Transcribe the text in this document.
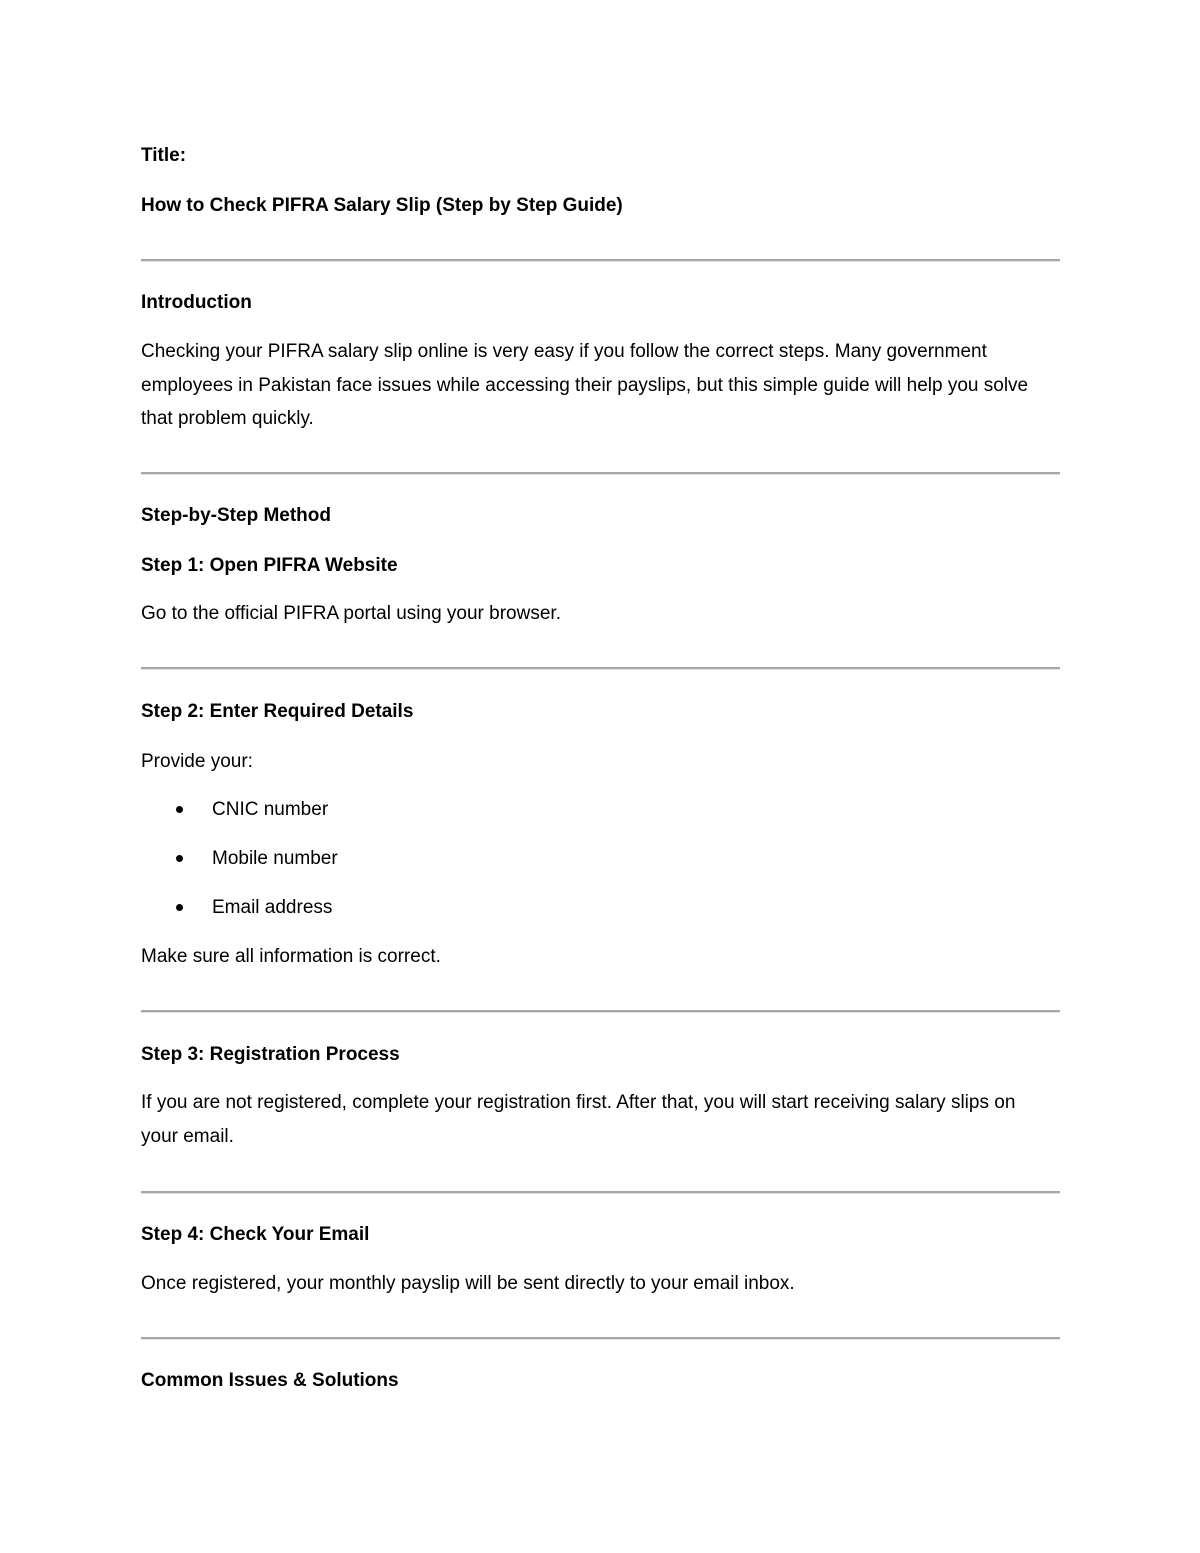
Title:

How to Check PIFRA Salary Slip (Step by Step Guide)

Introduction

Checking your PIFRA salary slip online is very easy if you follow the correct steps. Many government employees in Pakistan face issues while accessing their payslips, but this simple guide will help you solve that problem quickly.

Step-by-Step Method

Step 1: Open PIFRA Website

Go to the official PIFRA portal using your browser.

Step 2: Enter Required Details

Provide your:

CNIC number
Mobile number
Email address

Make sure all information is correct.

Step 3: Registration Process

If you are not registered, complete your registration first. After that, you will start receiving salary slips on your email.

Step 4: Check Your Email

Once registered, your monthly payslip will be sent directly to your email inbox.

Common Issues & Solutions
